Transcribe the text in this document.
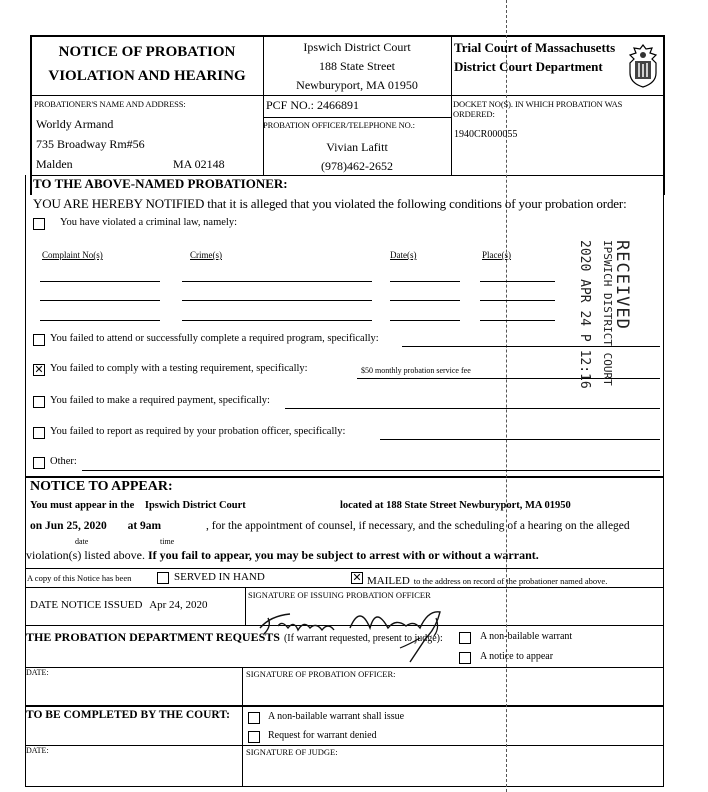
NOTICE OF PROBATION
VIOLATION AND HEARING
Ipswich District Court
188 State Street
Newburyport, MA 01950
Trial Court of Massachusetts
District Court Department
PROBATIONER'S NAME AND ADDRESS:
Worldy Armand
735 Broadway Rm#56
Malden	MA 02148
PCF NO.: 2466891
PROBATION OFFICER/TELEPHONE NO.:
Vivian Lafitt
(978)462-2652
DOCKET NO(S). IN WHICH PROBATION WAS ORDERED:
1940CR000055
TO THE ABOVE-NAMED PROBATIONER:
YOU ARE HEREBY NOTIFIED that it is alleged that you violated the following conditions of your probation order:
You have violated a criminal law, namely:
Complaint No(s)	Crime(s)	Date(s)	Place(s)
You failed to attend or successfully complete a required program, specifically:
✕ You failed to comply with a testing requirement, specifically:	$50 monthly probation service fee
You failed to make a required payment, specifically:
You failed to report as required by your probation officer, specifically:
Other:
RECEIVED
IPSWICH DISTRICT COURT
2020 APR 24 P 12:16
NOTICE TO APPEAR:
You must appear in the Ipswich District Court	located at 188 State Street Newburyport, MA 01950
on Jun 25, 2020 at 9am	, for the appointment of counsel, if necessary, and the scheduling of a hearing on the alleged
date	time
violation(s) listed above. If you fail to appear, you may be subject to arrest with or without a warrant.
A copy of this Notice has been	SERVED IN HAND	✕ MAILED to the address on record of the probationer named above.
DATE NOTICE ISSUED Apr 24, 2020
SIGNATURE OF ISSUING PROBATION OFFICER
THE PROBATION DEPARTMENT REQUESTS (If warrant requested, present to judge):	A non-bailable warrant
A notice to appear
DATE:	SIGNATURE OF PROBATION OFFICER:
TO BE COMPLETED BY THE COURT:	A non-bailable warrant shall issue
Request for warrant denied
DATE:	SIGNATURE OF JUDGE:
